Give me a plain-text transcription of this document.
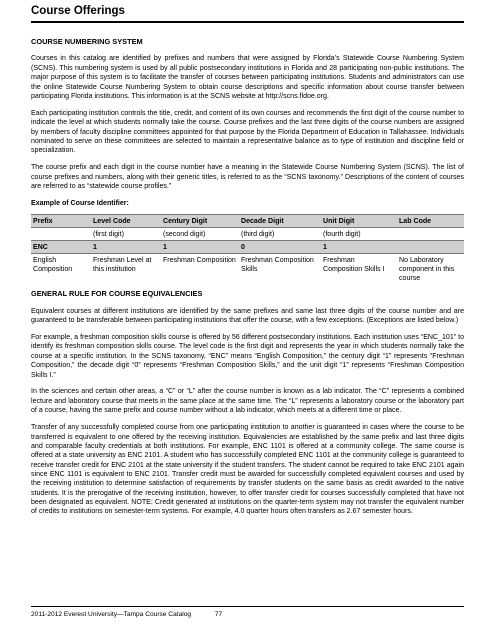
Course Offerings

COURSE NUMBERING SYSTEM

Courses in this catalog are identified by prefixes and numbers that were assigned by Florida’s Statewide Course Numbering System (SCNS). This numbering system is used by all public postsecondary institutions in Florida and 28 participating non-public institutions. The major purpose of this system is to facilitate the transfer of courses between participating institutions. Students and administrators can use the online Statewide Course Numbering System to obtain course descriptions and specific information about course transfer between participating Florida institutions. This information is at the SCNS website at http://scns.fldoe.org.

Each participating institution controls the title, credit, and content of its own courses and recommends the first digit of the course number to indicate the level at which students normally take the course. Course prefixes and the last three digits of the course numbers are assigned by members of faculty discipline committees appointed for that purpose by the Florida Department of Education in Tallahassee. Individuals nominated to serve on these committees are selected to maintain a representative balance as to type of institution and discipline field or specialization.

The course prefix and each digit in the course number have a meaning in the Statewide Course Numbering System (SCNS). The list of course prefixes and numbers, along with their generic titles, is referred to as the “SCNS taxonomy.” Descriptions of the content of courses are referred to as “statewide course profiles.”

Example of Course Identifier:

Prefix	Level Code	Century Digit	Decade Digit	Unit Digit	Lab Code
	(first digit)	(second digit)	(third digit)	(fourth digit)	
ENC	1	1	0	1	
English Composition	Freshman Level at this institution	Freshman Composition	Freshman Composition Skills	Freshman Composition Skills I	No Laboratory component in this course

GENERAL RULE FOR COURSE EQUIVALENCIES

Equivalent courses at different institutions are identified by the same prefixes and same last three digits of the course number and are guaranteed to be transferable between participating institutions that offer the course, with a few exceptions. (Exceptions are listed below.)

For example, a freshman composition skills course is offered by 56 different postsecondary institutions. Each institution uses “ENC_101” to identify its freshman composition skills course. The level code is the first digit and represents the year in which students normally take the course at a specific institution. In the SCNS taxonomy, “ENC” means “English Composition,” the century digit “1” represents “Freshman Composition,” the decade digit “0” represents “Freshman Composition Skills,” and the unit digit “1” represents “Freshman Composition Skills I.”

In the sciences and certain other areas, a “C” or “L” after the course number is known as a lab indicator. The “C” represents a combined lecture and laboratory course that meets in the same place at the same time. The “L” represents a laboratory course or the laboratory part of a course, having the same prefix and course number without a lab indicator, which meets at a different time or place.

Transfer of any successfully completed course from one participating institution to another is guaranteed in cases where the course to be transferred is equivalent to one offered by the receiving institution. Equivalencies are established by the same prefix and last three digits and comparable faculty credentials at both institutions. For example, ENC 1101 is offered at a community college. The same course is offered at a state university as ENC 2101. A student who has successfully completed ENC 1101 at the community college is guaranteed to receive transfer credit for ENC 2101 at the state university if the student transfers. The student cannot be required to take ENC 2101 again since ENC 1101 is equivalent to ENC 2101. Transfer credit must be awarded for successfully completed equivalent courses and used by the receiving institution to determine satisfaction of requirements by transfer students on the same basis as credit awarded to the native students. It is the prerogative of the receiving institution, however, to offer transfer credit for courses successfully completed that have not been designated as equivalent. NOTE: Credit generated at institutions on the quarter-term system may not transfer the equivalent number of credits to institutions on semester-term systems. For example, 4.0 quarter hours often transfers as 2.67 semester hours.

2011-2012 Everest University—Tampa Course Catalog	77
